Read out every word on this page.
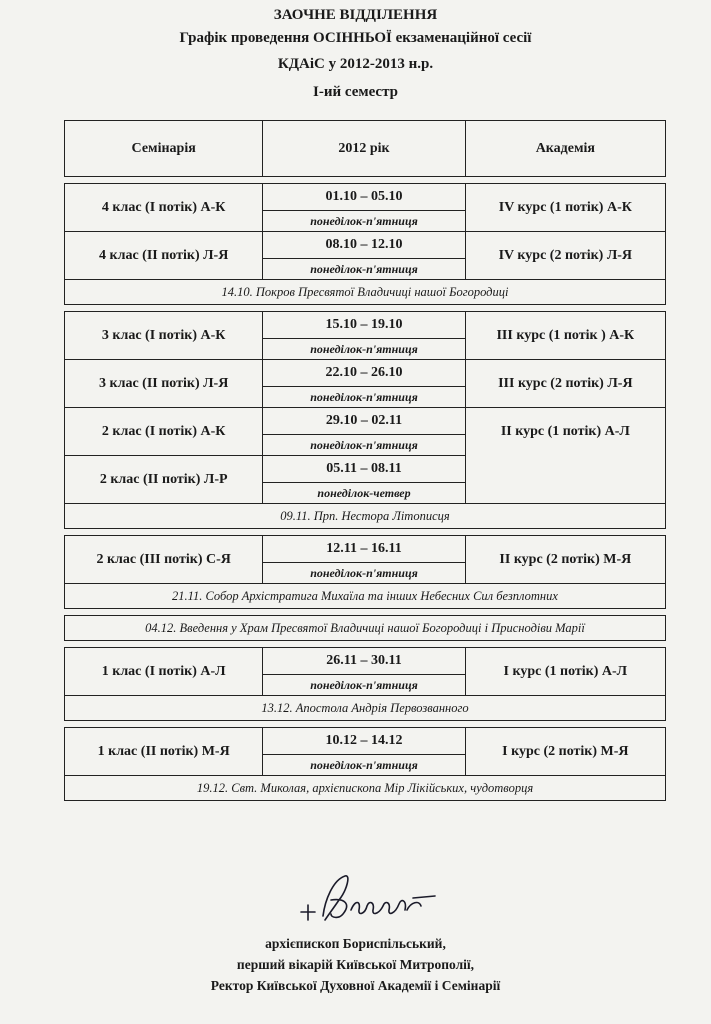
ЗАОЧНЕ ВІДДІЛЕННЯ
Графік проведення ОСІННЬОЇ екзаменаційної сесії
КДАіС у 2012-2013 н.р.
І-ий семестр
Семінарія	2012 рік	Академія

4 клас (І потік) А-К	01.10 – 05.10	IV курс (1 потік) А-К
	понеділок-п'ятниця	
4 клас (ІІ потік) Л-Я	08.10 – 12.10	IV курс (2 потік) Л-Я
	понеділок-п'ятниця	
14.10. Покров Пресвятої Владичиці нашої Богородиці		

3 клас (І потік) А-К	15.10 – 19.10	III курс (1 потік ) А-К
	понеділок-п'ятниця	
3 клас (ІІ потік) Л-Я	22.10 – 26.10	III курс (2 потік) Л-Я
	понеділок-п'ятниця	
2 клас (І потік) А-К	29.10 – 02.11	II курс (1 потік) А-Л
	понеділок-п'ятниця	
2 клас (ІІ потік) Л-Р	05.11 – 08.11	
	понеділок-четвер	
09.11. Прп. Нестора Літописця		

2 клас (ІІІ потік) С-Я	12.11 – 16.11	II курс (2 потік) М-Я
	понеділок-п'ятниця	
21.11. Собор Архістратига Михаїла та інших Небесних Сил безплотних		

04.12. Введення у Храм Пресвятої Владичиці нашої Богородиці і Приснодіви Марії		

1 клас (І потік) А-Л	26.11 – 30.11	I курс (1 потік) А-Л
	понеділок-п'ятниця	
13.12. Апостола Андрія Первозванного		

1 клас (ІІ потік) М-Я	10.12 – 14.12	I курс (2 потік) М-Я
	понеділок-п'ятниця	
19.12. Свт. Миколая, архієпископа Мір Лікійських, чудотворця		
архієпископ Бориспільський,
перший вікарій Київської Митрополії,
Ректор Київської Духовної Академії і Семінарії
